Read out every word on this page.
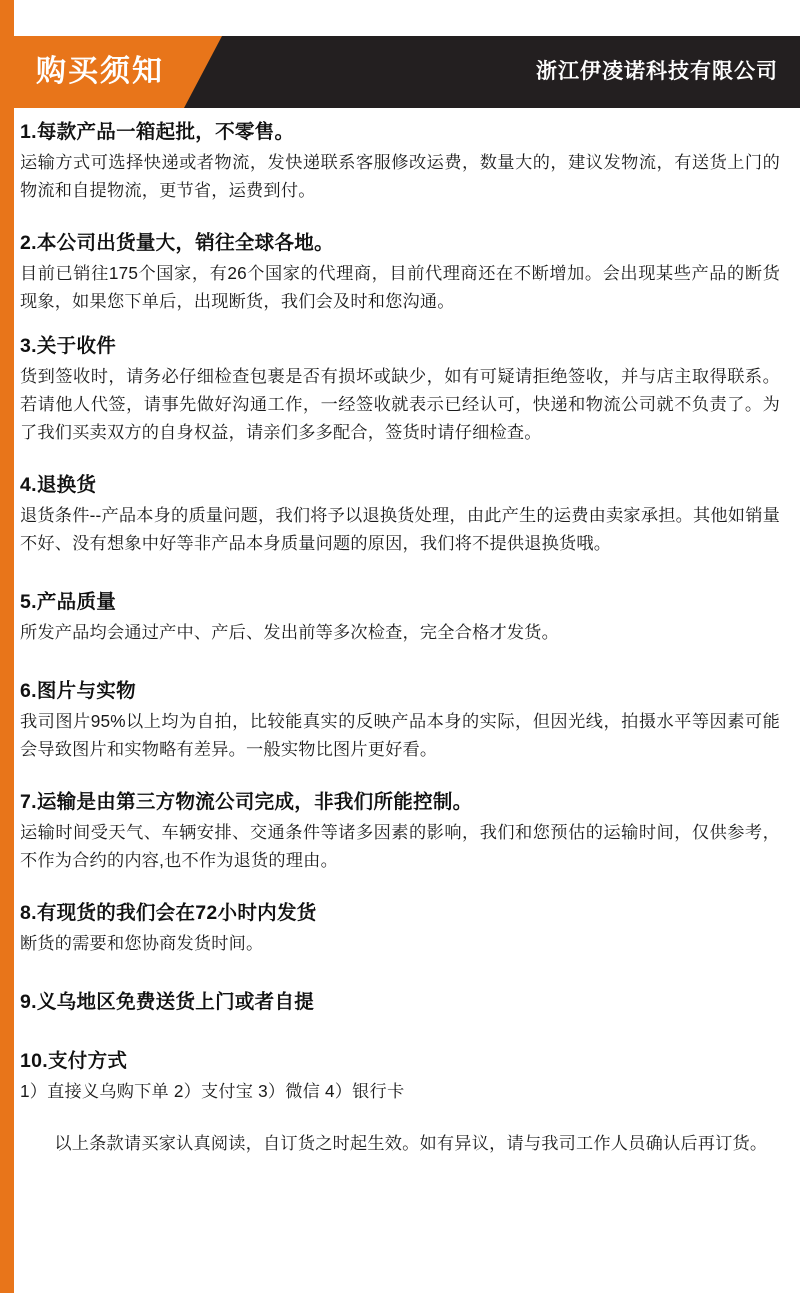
购买须知	浙江伊凌诺科技有限公司

1.每款产品一箱起批，不零售。

运输方式可选择快递或者物流，发快递联系客服修改运费，数量大的，建议发物流，有送货上门的物流和自提物流，更节省，运费到付。

2.本公司出货量大，销往全球各地。

目前已销往175个国家，有26个国家的代理商，目前代理商还在不断增加。会出现某些产品的断货现象，如果您下单后，出现断货，我们会及时和您沟通。

3.关于收件

货到签收时，请务必仔细检查包裹是否有损坏或缺少，如有可疑请拒绝签收，并与店主取得联系。若请他人代签，请事先做好沟通工作，一经签收就表示已经认可，快递和物流公司就不负责了。为了我们买卖双方的自身权益，请亲们多多配合，签货时请仔细检查。

4.退换货

退货条件--产品本身的质量问题，我们将予以退换货处理，由此产生的运费由卖家承担。其他如销量不好、没有想象中好等非产品本身质量问题的原因，我们将不提供退换货哦。

5.产品质量

所发产品均会通过产中、产后、发出前等多次检查，完全合格才发货。

6.图片与实物

我司图片95%以上均为自拍，比较能真实的反映产品本身的实际，但因光线，拍摄水平等因素可能会导致图片和实物略有差异。一般实物比图片更好看。

7.运输是由第三方物流公司完成，非我们所能控制。

运输时间受天气、车辆安排、交通条件等诸多因素的影响，我们和您预估的运输时间，仅供参考，不作为合约的内容,也不作为退货的理由。

8.有现货的我们会在72小时内发货

断货的需要和您协商发货时间。

9.义乌地区免费送货上门或者自提

10.支付方式

1）直接义乌购下单 2）支付宝 3）微信 4）银行卡

以上条款请买家认真阅读，自订货之时起生效。如有异议，请与我司工作人员确认后再订货。
